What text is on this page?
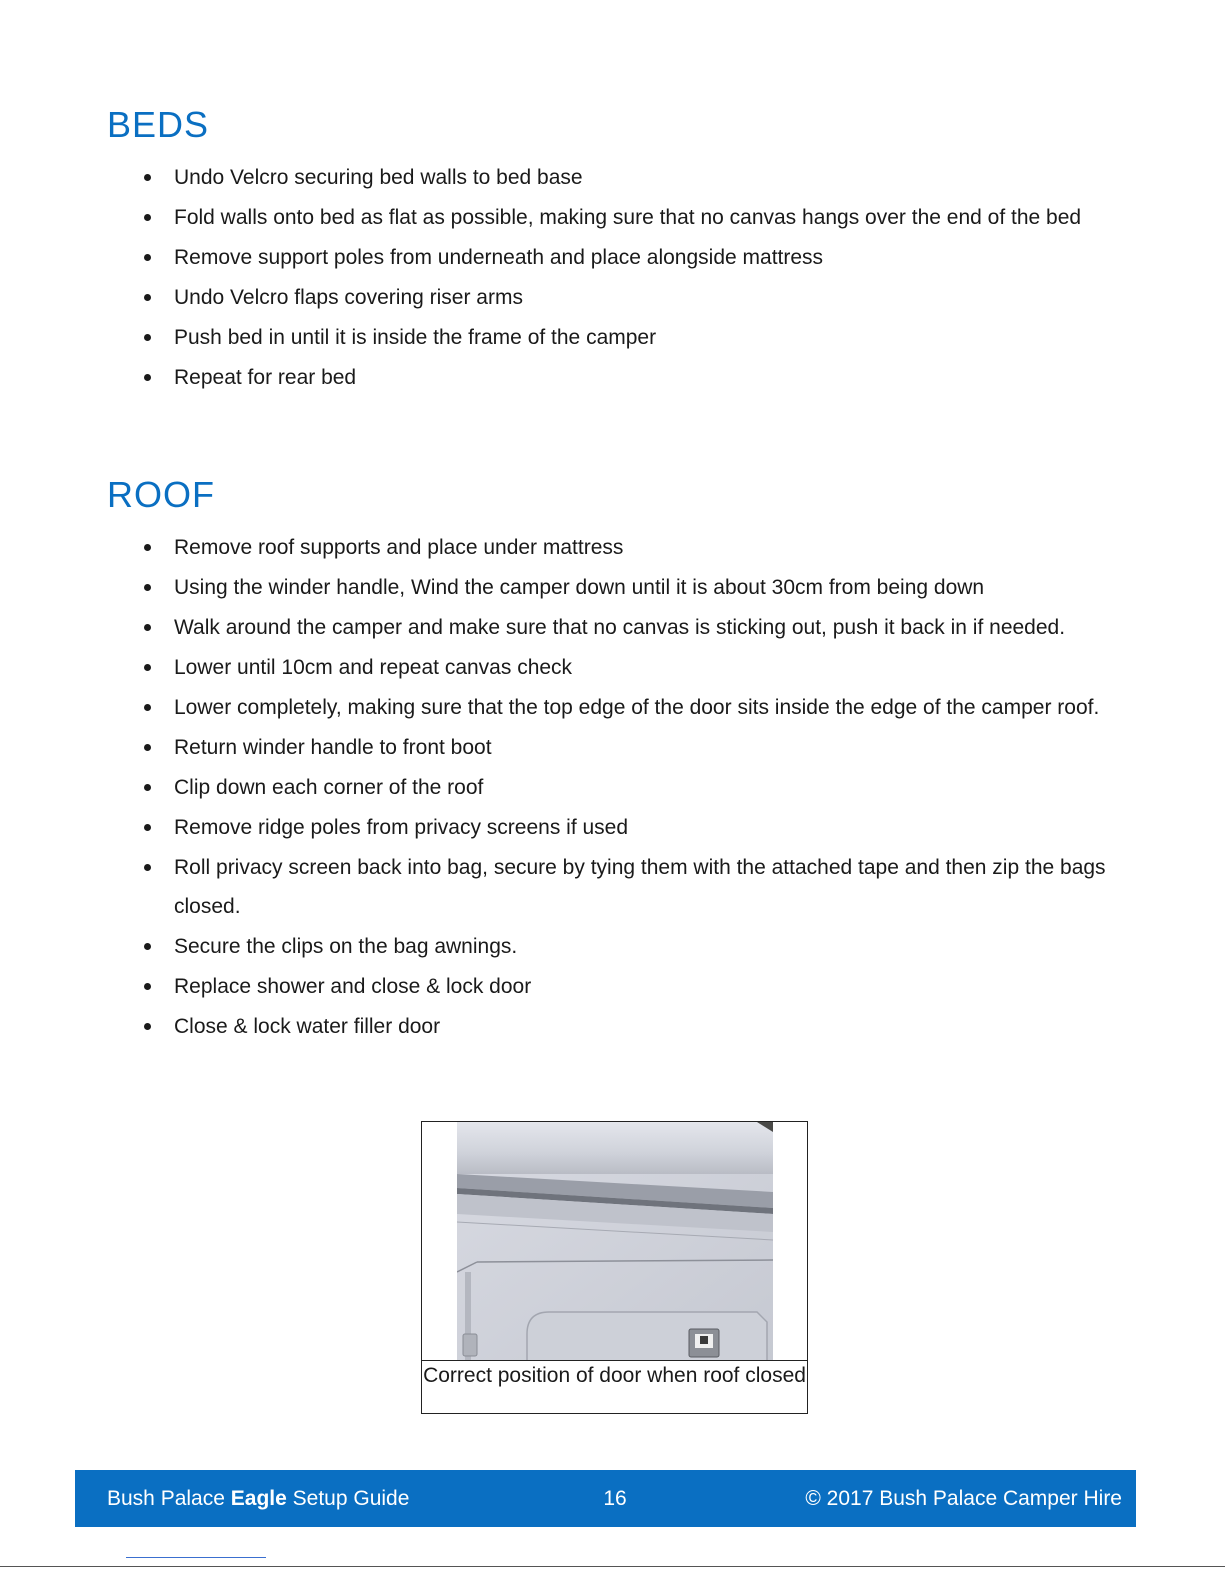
BEDS
Undo Velcro securing bed walls to bed base
Fold walls onto bed as flat as possible, making sure that no canvas hangs over the end of the bed
Remove support poles from underneath and place alongside mattress
Undo Velcro flaps covering riser arms
Push bed in until it is inside the frame of the camper
Repeat for rear bed
ROOF
Remove roof supports and place under mattress
Using the winder handle, Wind the camper down until it is about 30cm from being down
Walk around the camper and make sure that no canvas is sticking out, push it back in if needed.
Lower until 10cm and repeat canvas check
Lower completely, making sure that the top edge of the door sits inside the edge of the camper roof.
Return winder handle to front boot
Clip down each corner of the roof
Remove ridge poles from privacy screens if used
Roll privacy screen back into bag, secure by tying them with the attached tape and then zip the bags closed.
Secure the clips on the bag awnings.
Replace shower and close & lock door
Close & lock water filler door
Correct position of door when roof closed
Bush Palace Eagle Setup Guide	16	© 2017 Bush Palace Camper Hire
